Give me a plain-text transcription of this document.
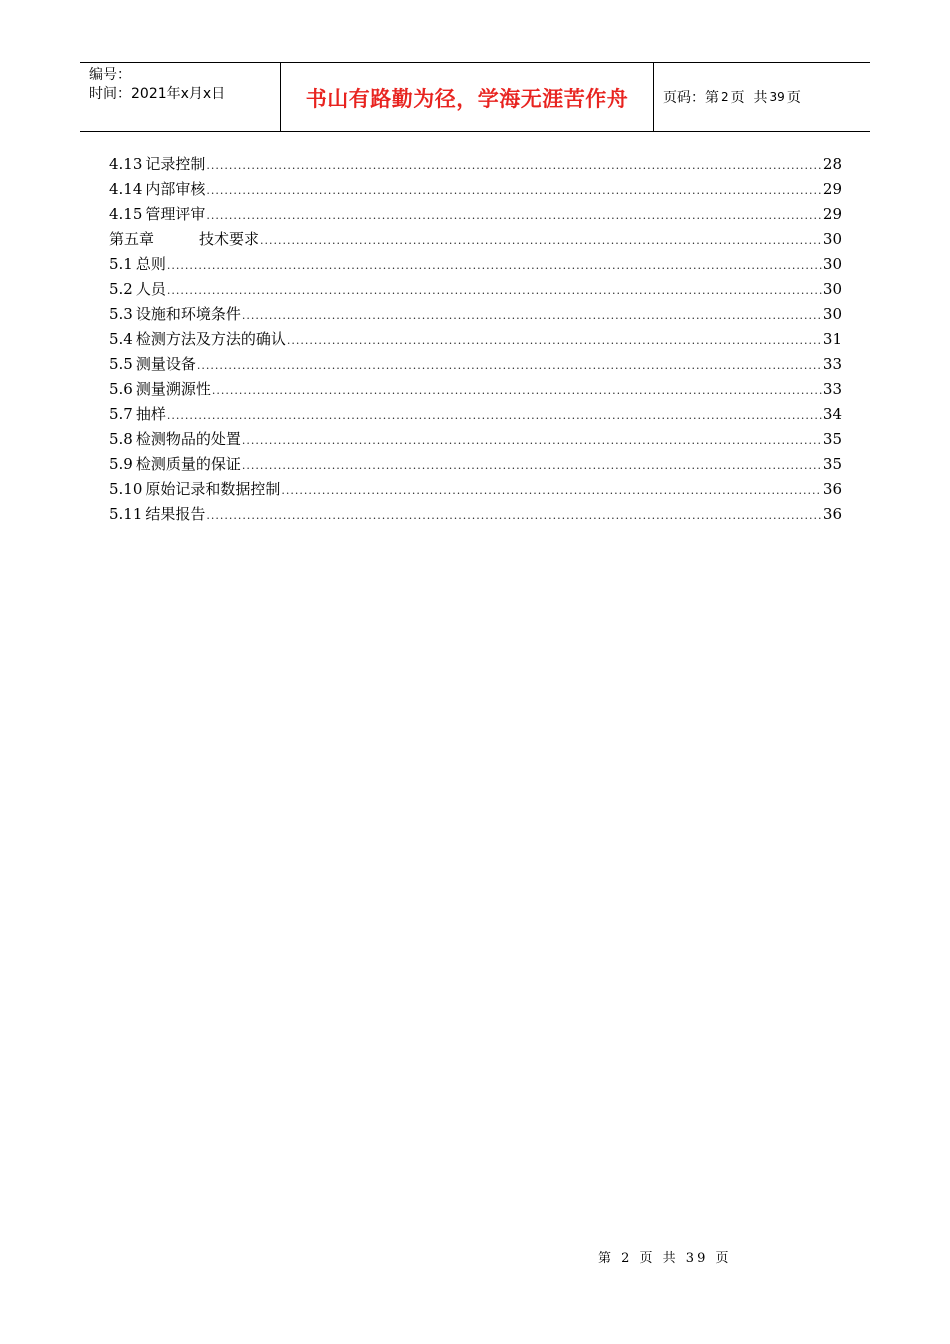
编号：
时间：2021年x月x日	书山有路勤为径，学海无涯苦作舟 页码：第 2 页  共 39 页
4.13 记录控制 .....	28
4.14 内部审核 .....	29
4.15 管理评审 .....	29
第五章	技术要求 .....	30
5.1 总则 .....	30
5.2 人员 .....	30
5.3 设施和环境条件 .....	30
5.4 检测方法及方法的确认 .....	31
5.5 测量设备 .....	33
5.6 测量溯源性 .....	33
5.7 抽样 .....	34
5.8 检测物品的处置 .....	35
5.9 检测质量的保证 .....	35
5.10 原始记录和数据控制 .....	36
5.11 结果报告 .....	36
第 2 页 共 39 页
